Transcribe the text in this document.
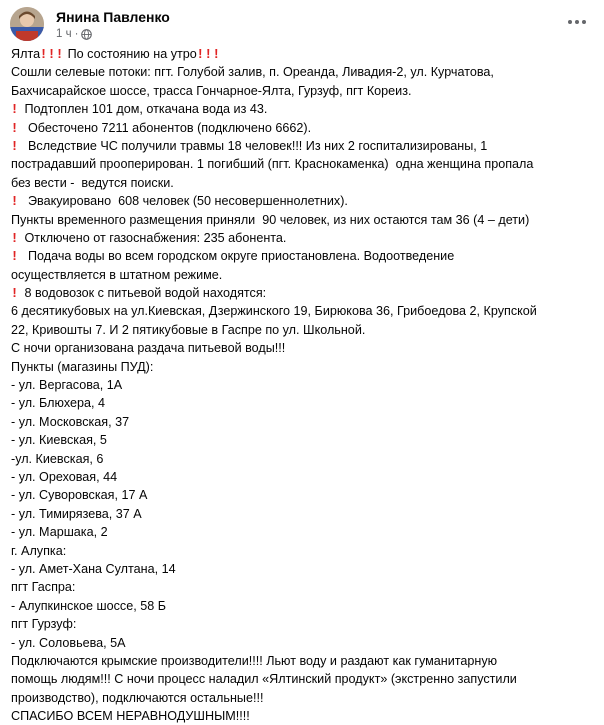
Янина Павленко
1 ч ·
Ялта! ! ! По состоянию на утро! ! !
Сошли селевые потоки: пгт. Голубой залив, п. Ореанда, Ливадия-2, ул. Курчатова,
Бахчисарайское шоссе, трасса Гончарное-Ялта, Гурзуф, пгт Кореиз.
! Подтоплен 101 дом, откачана вода из 43.
!  Обесточено 7211 абонентов (подключено 6662).
!  Вследствие ЧС получили травмы 18 человек!!! Из них 2 госпитализированы, 1
пострадавший прооперирован. 1 погибший (пгт. Краснокаменка)  одна женщина пропала
без вести -  ведутся поиски.
!  Эвакуировано  608 человек (50 несовершеннолетних).
Пункты временного размещения приняли  90 человек, из них остаются там 36 (4 – дети)
! Отключено от газоснабжения: 235 абонента.
!  Подача воды во всем городском округе приостановлена. Водоотведение
осуществляется в штатном режиме.
! 8 водовозок с питьевой водой находятся:
6 десятикубовых на ул.Киевская, Дзержинского 19, Бирюкова 36, Грибоедова 2, Крупской
22, Кривошты 7. И 2 пятикубовые в Гаспре по ул. Школьной.
С ночи организована раздача питьевой воды!!!
Пункты (магазины ПУД):
- ул. Вергасова, 1А
- ул. Блюхера, 4
- ул. Московская, 37
- ул. Киевская, 5
-ул. Киевская, 6
- ул. Ореховая, 44
- ул. Суворовская, 17 А
- ул. Тимирязева, 37 А
- ул. Маршака, 2
г. Алупка:
- ул. Амет-Хана Султана, 14
пгт Гаспра:
- Алупкинское шоссе, 58 Б
пгт Гурзуф:
- ул. Соловьева, 5А
Подключаются крымские производители!!!! Льют воду и раздают как гуманитарную
помощь людям!!! С ночи процесс наладил «Ялтинский продукт» (экстренно запустили
производство), подключаются остальные!!!
СПАСИБО ВСЕМ НЕРАВНОДУШНЫМ!!!!
